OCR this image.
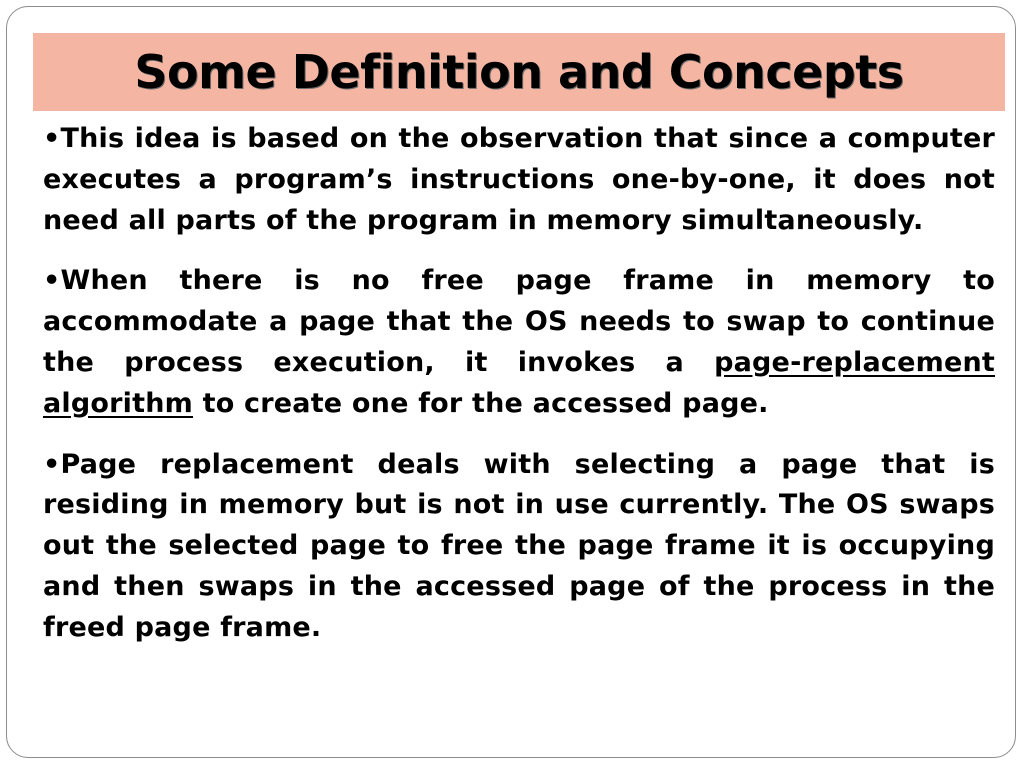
Some Definition and Concepts

•This idea is based on the observation that since a computer executes a program’s instructions one-by-one, it does not need all parts of the program in memory simultaneously.

•When there is no free page frame in memory to accommodate a page that the OS needs to swap to continue the process execution, it invokes a page-replacement algorithm to create one for the accessed page.

•Page replacement deals with selecting a page that is residing in memory but is not in use currently. The OS swaps out the selected page to free the page frame it is occupying and then swaps in the accessed page of the process in the freed page frame.
